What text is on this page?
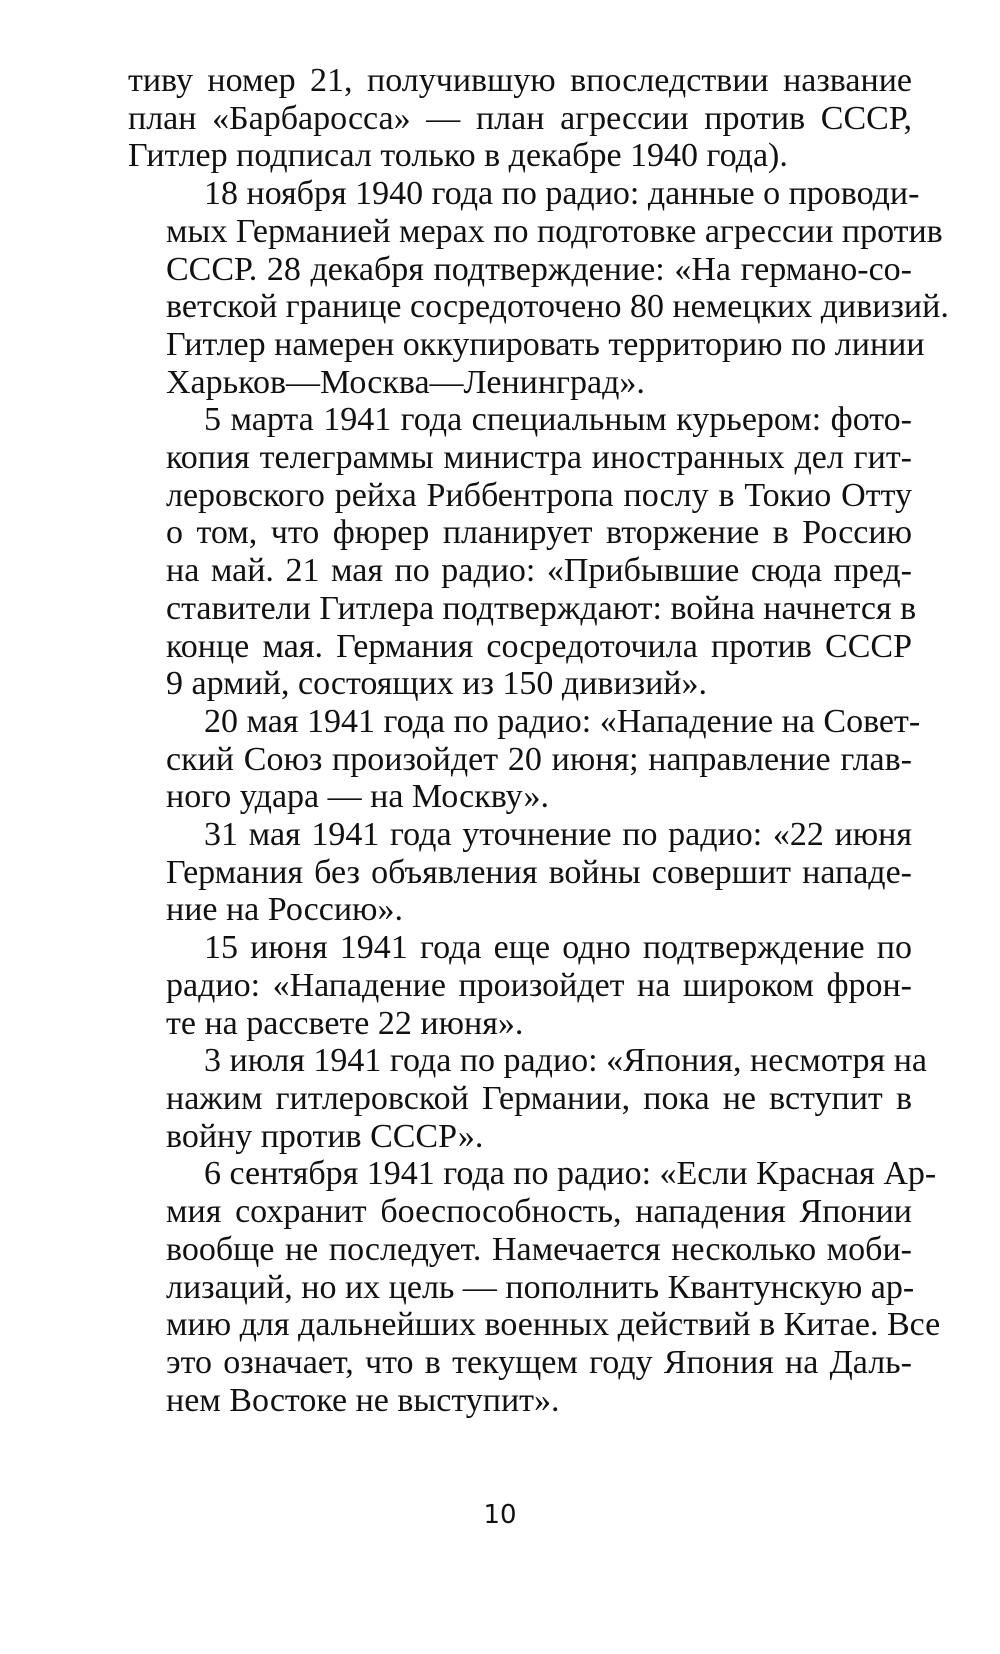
тиву номер 21, получившую впоследствии название
план «Барбаросса» — план агрессии против СССР,
Гитлер подписал только в декабре 1940 года).

18 ноября 1940 года по радио: данные о проводи-
мых Германией мерах по подготовке агрессии против
СССР. 28 декабря подтверждение: «На германо-со-
ветской границе сосредоточено 80 немецких дивизий.
Гитлер намерен оккупировать территорию по линии
Харьков—Москва—Ленинград».

5 марта 1941 года специальным курьером: фото-
копия телеграммы министра иностранных дел гит-
леровского рейха Риббентропа послу в Токио Отту
о том, что фюрер планирует вторжение в Россию
на май. 21 мая по радио: «Прибывшие сюда пред-
ставители Гитлера подтверждают: война начнется в
конце мая. Германия сосредоточила против СССР
9 армий, состоящих из 150 дивизий».

20 мая 1941 года по радио: «Нападение на Совет-
ский Союз произойдет 20 июня; направление глав-
ного удара — на Москву».

31 мая 1941 года уточнение по радио: «22 июня
Германия без объявления войны совершит нападе-
ние на Россию».

15 июня 1941 года еще одно подтверждение по
радио: «Нападение произойдет на широком фрон-
те на рассвете 22 июня».

3 июля 1941 года по радио: «Япония, несмотря на
нажим гитлеровской Германии, пока не вступит в
войну против СССР».

6 сентября 1941 года по радио: «Если Красная Ар-
мия сохранит боеспособность, нападения Японии
вообще не последует. Намечается несколько моби-
лизаций, но их цель — пополнить Квантунскую ар-
мию для дальнейших военных действий в Китае. Все
это означает, что в текущем году Япония на Даль-
нем Востоке не выступит».

10
